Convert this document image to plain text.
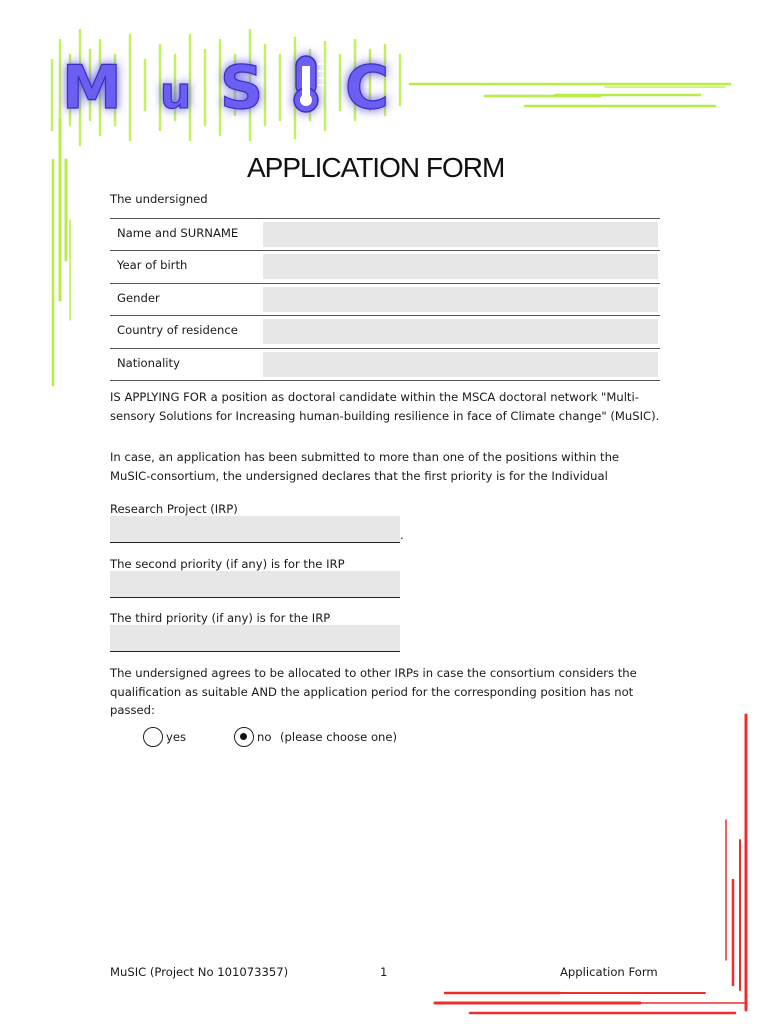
M u S C
APPLICATION FORM
The undersigned
Name and SURNAME
Year of birth
Gender
Country of residence
Nationality
IS APPLYING FOR a position as doctoral candidate within the MSCA doctoral network "Multi-
sensory Solutions for Increasing human-building resilience in face of Climate change" (MuSIC).
In case, an application has been submitted to more than one of the positions within the
MuSIC-consortium, the undersigned declares that the first priority is for the Individual
Research Project (IRP)
.
The second priority (if any) is for the IRP
The third priority (if any) is for the IRP
The undersigned agrees to be allocated to other IRPs in case the consortium considers the
qualification as suitable AND the application period for the corresponding position has not
passed:
yes	no (please choose one)
MuSIC (Project No 101073357)	1	Application Form
